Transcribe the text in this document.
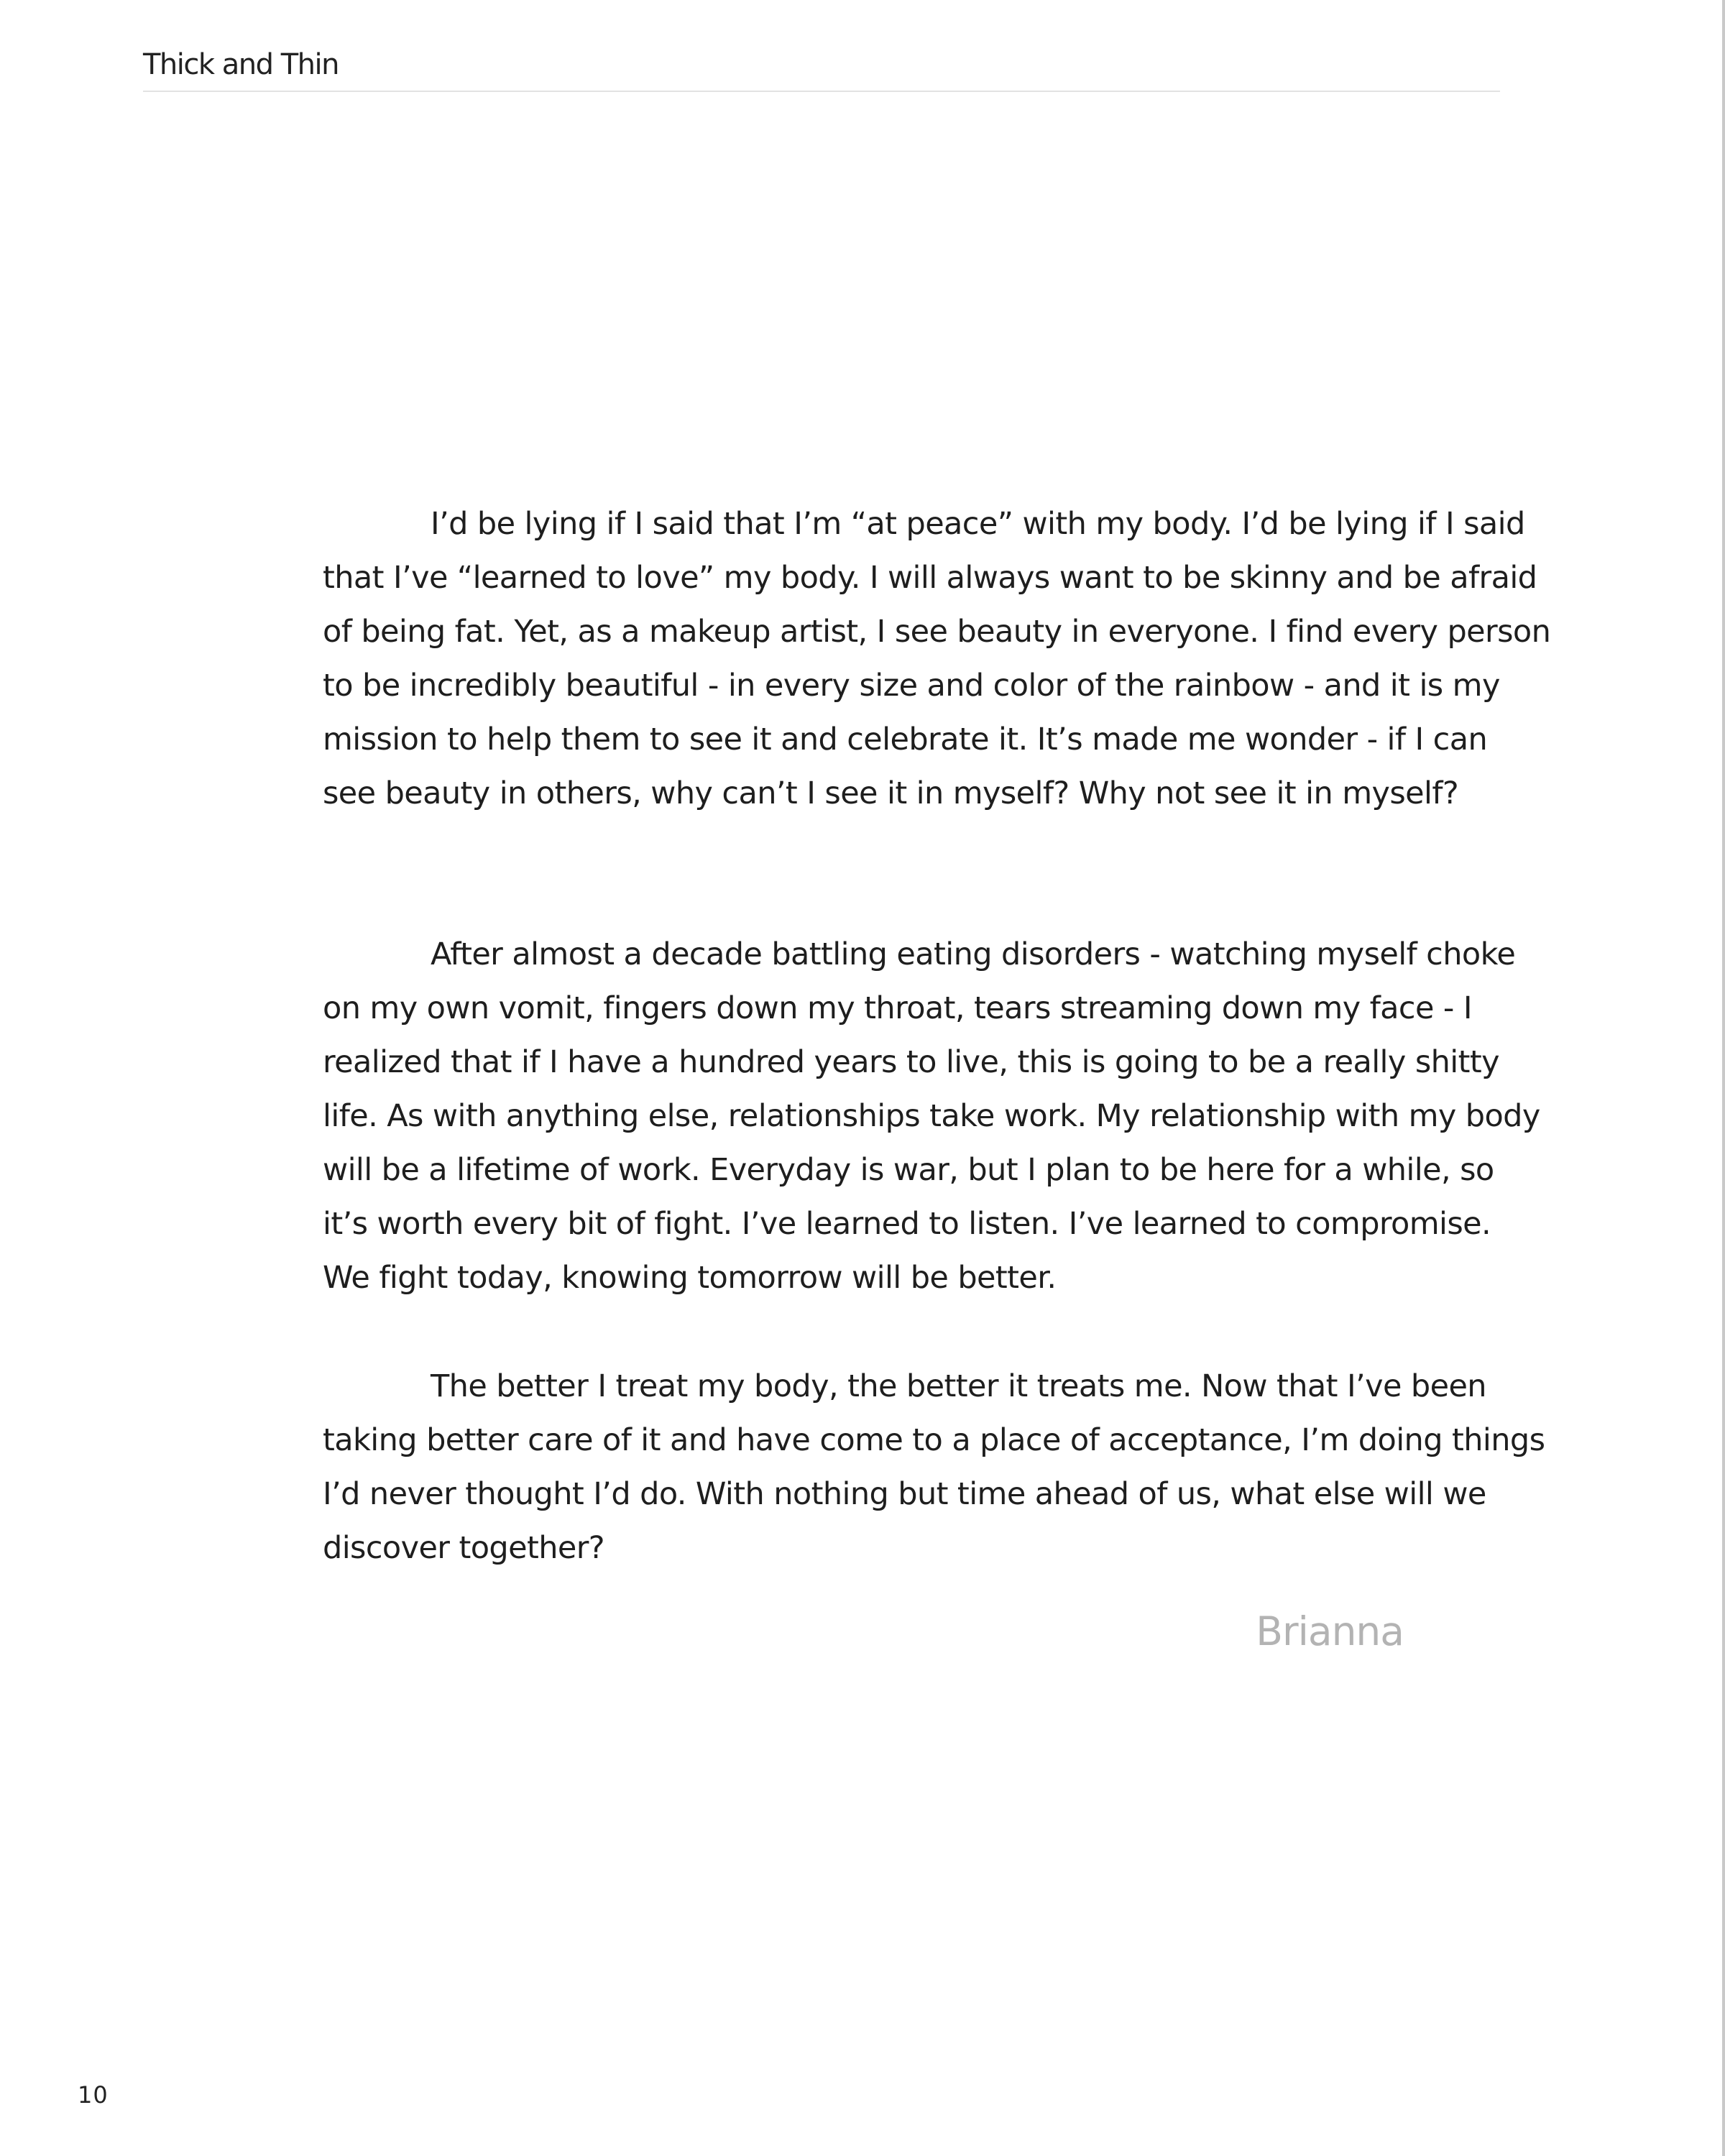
Thick and Thin

I’d be lying if I said that I’m “at peace” with my body. I’d be lying if I said
that I’ve “learned to love” my body. I will always want to be skinny and be afraid
of being fat. Yet, as a makeup artist, I see beauty in everyone. I find every person
to be incredibly beautiful - in every size and color of the rainbow - and it is my
mission to help them to see it and celebrate it. It’s made me wonder - if I can
see beauty in others, why can’t I see it in myself? Why not see it in myself?

After almost a decade battling eating disorders - watching myself choke
on my own vomit, fingers down my throat, tears streaming down my face - I
realized that if I have a hundred years to live, this is going to be a really shitty
life. As with anything else, relationships take work. My relationship with my body
will be a lifetime of work. Everyday is war, but I plan to be here for a while, so
it’s worth every bit of fight. I’ve learned to listen. I’ve learned to compromise.
We fight today, knowing tomorrow will be better.

The better I treat my body, the better it treats me. Now that I’ve been
taking better care of it and have come to a place of acceptance, I’m doing things
I’d never thought I’d do. With nothing but time ahead of us, what else will we
discover together?

Brianna
10
